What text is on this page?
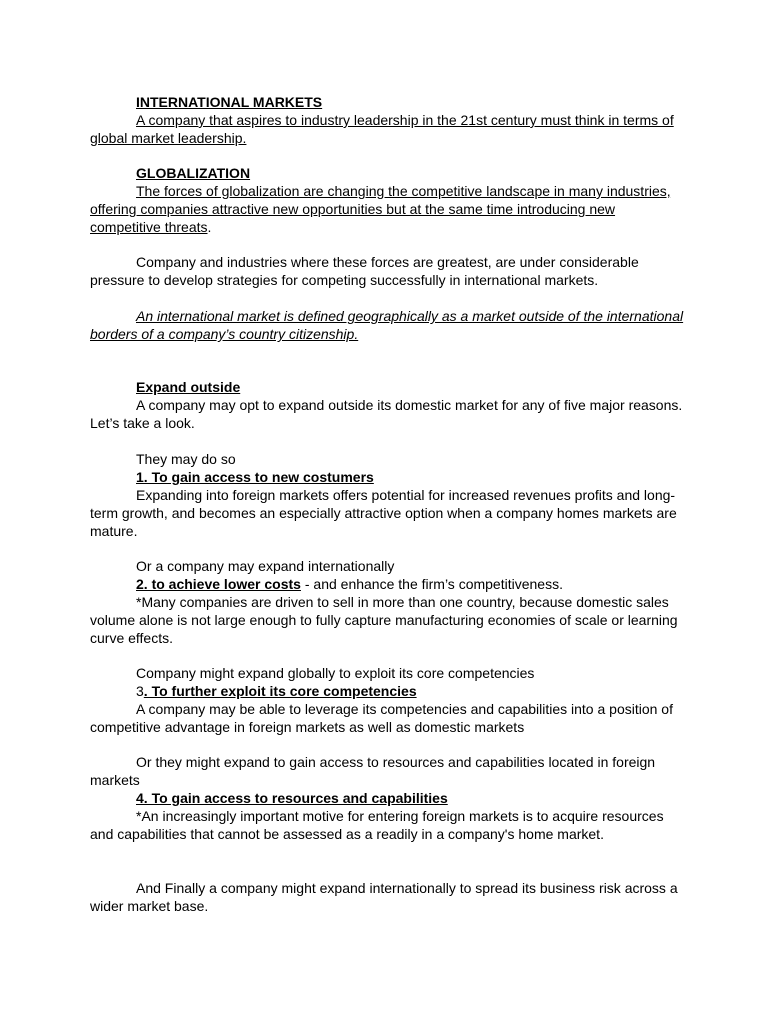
INTERNATIONAL MARKETS

A company that aspires to industry leadership in the 21st century must think in terms of global market leadership.

GLOBALIZATION

The forces of globalization are changing the competitive landscape in many industries, offering companies attractive new opportunities but at the same time introducing new competitive threats.

Company and industries where these forces are greatest, are under considerable pressure to develop strategies for competing successfully in international markets.

An international market is defined geographically as a market outside of the international borders of a company’s country citizenship.

Expand outside

A company may opt to expand outside its domestic market for any of five major reasons. Let’s take a look.

They may do so

1. To gain access to new costumers

Expanding into foreign markets offers potential for increased revenues profits and long-term growth, and becomes an especially attractive option when a company homes markets are mature.

Or a company may expand internationally

2. to achieve lower costs - and enhance the firm’s competitiveness.

*Many companies are driven to sell in more than one country, because domestic sales volume alone is not large enough to fully capture manufacturing economies of scale or learning curve effects.

Company might expand globally to exploit its core competencies

3. To further exploit its core competencies

A company may be able to leverage its competencies and capabilities into a position of competitive advantage in foreign markets as well as domestic markets

Or they might expand to gain access to resources and capabilities located in foreign markets

4. To gain access to resources and capabilities

*An increasingly important motive for entering foreign markets is to acquire resources and capabilities that cannot be assessed as a readily in a company's home market.

And Finally a company might expand internationally to spread its business risk across a wider market base.
